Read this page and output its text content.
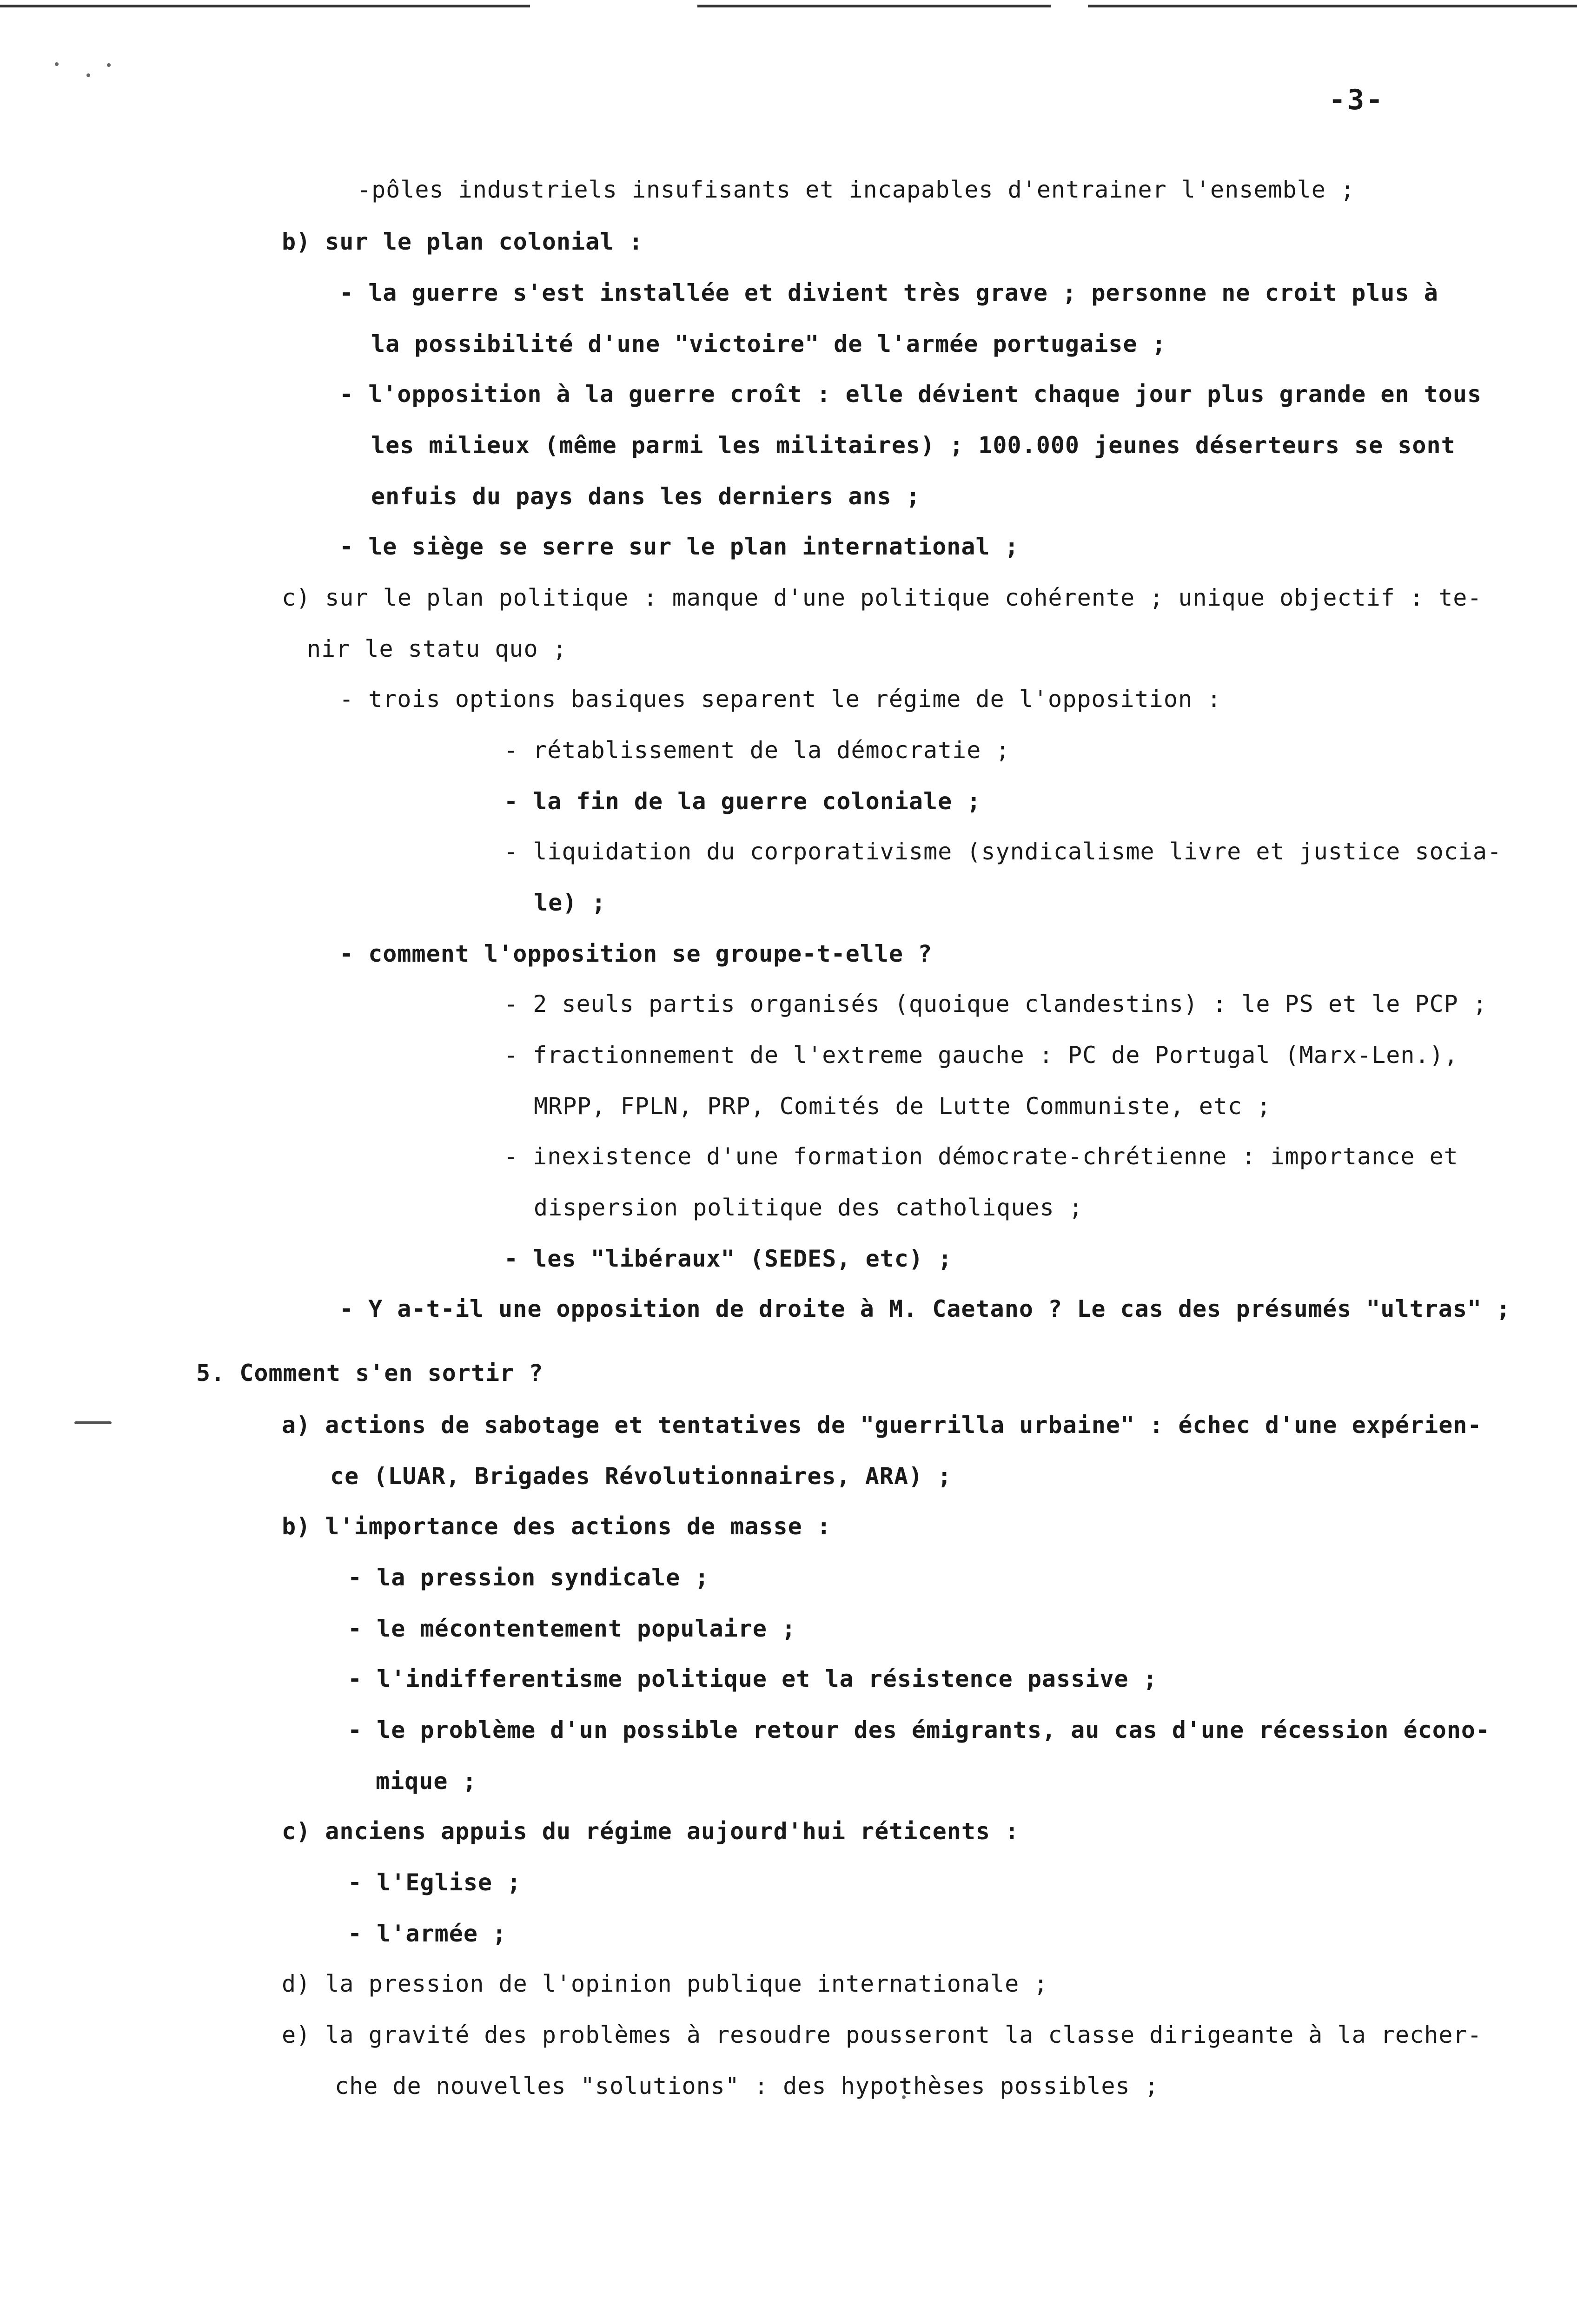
-3-
-pôles industriels insufisants et incapables d'entrainer l'ensemble ;
b) sur le plan colonial :
- la guerre s'est installée et divient très grave ; personne ne croit plus à
la possibilité d'une "victoire" de l'armée portugaise ;
- l'opposition à la guerre croît : elle dévient chaque jour plus grande en tous
les milieux (même parmi les militaires) ; 100.000 jeunes déserteurs se sont
enfuis du pays dans les derniers ans ;
- le siège se serre sur le plan international ;
c) sur le plan politique : manque d'une politique cohérente ; unique objectif : te-
nir le statu quo ;
- trois options basiques separent le régime de l'opposition :
- rétablissement de la démocratie ;
- la fin de la guerre coloniale ;
- liquidation du corporativisme (syndicalisme livre et justice socia-
le) ;
- comment l'opposition se groupe-t-elle ?
- 2 seuls partis organisés (quoique clandestins) : le PS et le PCP ;
- fractionnement de l'extreme gauche : PC de Portugal (Marx-Len.),
MRPP, FPLN, PRP, Comités de Lutte Communiste, etc ;
- inexistence d'une formation démocrate-chrétienne : importance et
dispersion politique des catholiques ;
- les "libéraux" (SEDES, etc) ;
- Y a-t-il une opposition de droite à M. Caetano ? Le cas des présumés "ultras" ;
5. Comment s'en sortir ?
a) actions de sabotage et tentatives de "guerrilla urbaine" : échec d'une expérien-
ce (LUAR, Brigades Révolutionnaires, ARA) ;
b) l'importance des actions de masse :
- la pression syndicale ;
- le mécontentement populaire ;
- l'indifferentisme politique et la résistence passive ;
- le problème d'un possible retour des émigrants, au cas d'une récession écono-
mique ;
c) anciens appuis du régime aujourd'hui réticents :
- l'Eglise ;
- l'armée ;
d) la pression de l'opinion publique internationale ;
e) la gravité des problèmes à resoudre pousseront la classe dirigeante à la recher-
che de nouvelles "solutions" : des hypothèses possibles ;
